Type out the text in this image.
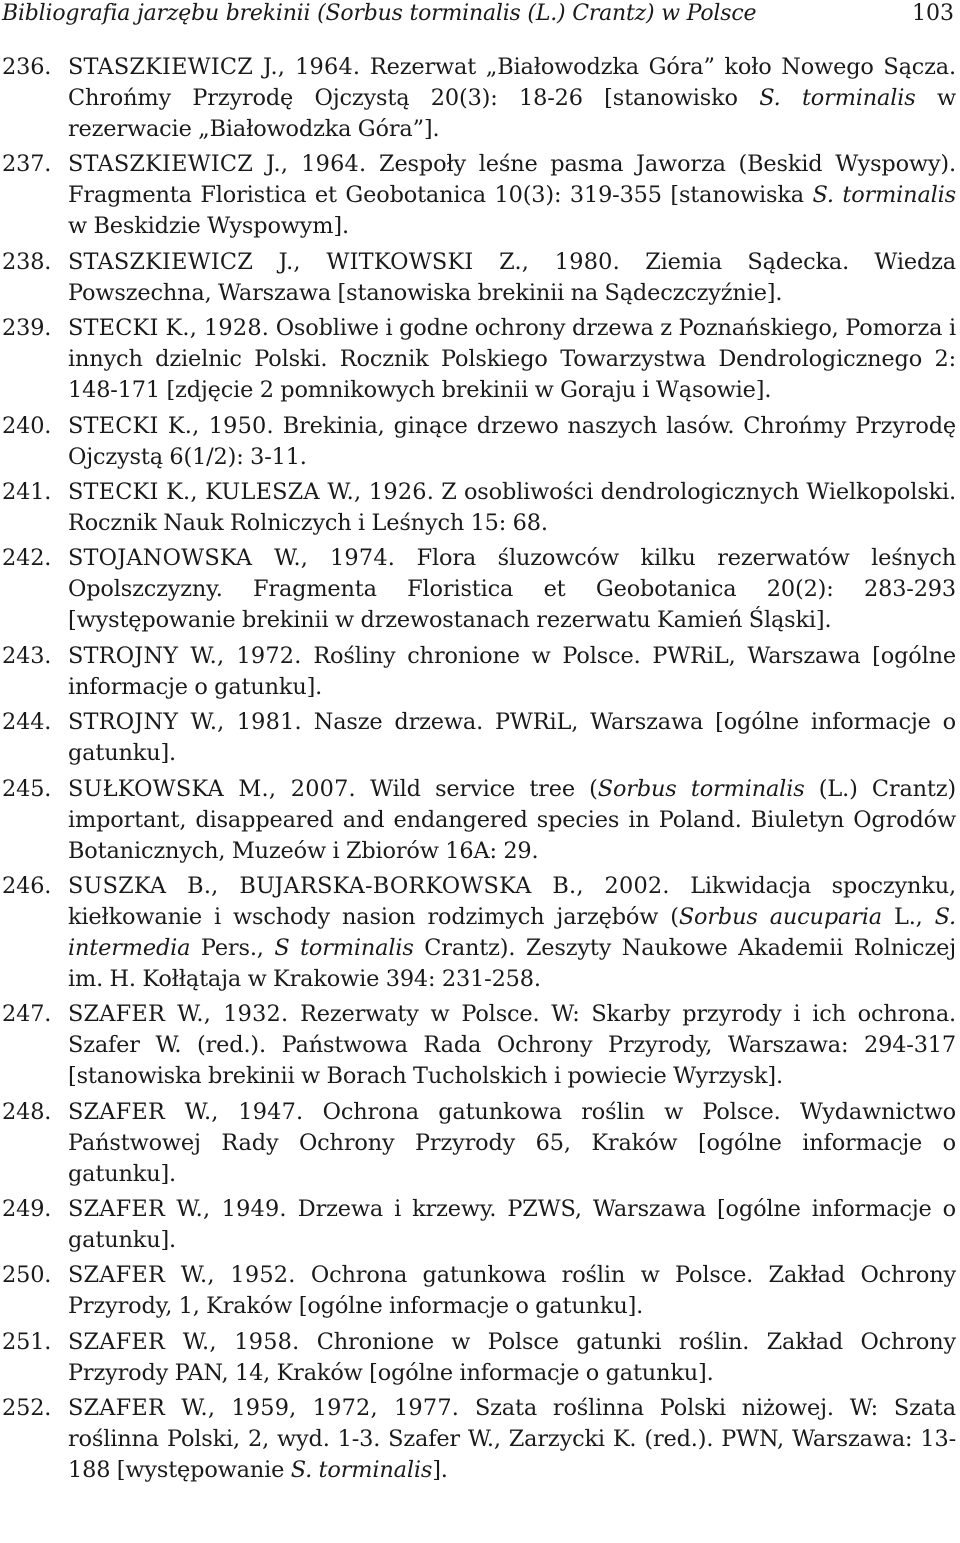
Bibliografia jarzębu brekinii (Sorbus torminalis (L.) Crantz) w Polsce	103
236. STASZKIEWICZ J., 1964. Rezerwat „Białowodzka Góra” koło Nowego Sącza. Chrońmy Przyrodę Ojczystą 20(3): 18-26 [stanowisko S. torminalis w rezerwacie „Białowodzka Góra”].
237. STASZKIEWICZ J., 1964. Zespoły leśne pasma Jaworza (Beskid Wyspowy). Fragmenta Floristica et Geobotanica 10(3): 319-355 [stanowiska S. torminalis w Beskidzie Wyspowym].
238. STASZKIEWICZ J., WITKOWSKI Z., 1980. Ziemia Sądecka. Wiedza Powszechna, Warszawa [stanowiska brekinii na Sądeczczyźnie].
239. STECKI K., 1928. Osobliwe i godne ochrony drzewa z Poznańskiego, Pomorza i innych dzielnic Polski. Rocznik Polskiego Towarzystwa Dendrologicznego 2: 148-171 [zdjęcie 2 pomnikowych brekinii w Goraju i Wąsowie].
240. STECKI K., 1950. Brekinia, ginące drzewo naszych lasów. Chrońmy Przyrodę Ojczystą 6(1/2): 3-11.
241. STECKI K., KULESZA W., 1926. Z osobliwości dendrologicznych Wielkopolski. Rocznik Nauk Rolniczych i Leśnych 15: 68.
242. STOJANOWSKA W., 1974. Flora śluzowców kilku rezerwatów leśnych Opolszczyzny. Fragmenta Floristica et Geobotanica 20(2): 283-293 [występowanie brekinii w drzewostanach rezerwatu Kamień Śląski].
243. STROJNY W., 1972. Rośliny chronione w Polsce. PWRiL, Warszawa [ogólne informacje o gatunku].
244. STROJNY W., 1981. Nasze drzewa. PWRiL, Warszawa [ogólne informacje o gatunku].
245. SUŁKOWSKA M., 2007. Wild service tree (Sorbus torminalis (L.) Crantz) important, disappeared and endangered species in Poland. Biuletyn Ogrodów Botanicznych, Muzeów i Zbiorów 16A: 29.
246. SUSZKA B., BUJARSKA-BORKOWSKA B., 2002. Likwidacja spoczynku, kiełkowanie i wschody nasion rodzimych jarzębów (Sorbus aucuparia L., S. intermedia Pers., S torminalis Crantz). Zeszyty Naukowe Akademii Rolniczej im. H. Kołłątaja w Krakowie 394: 231-258.
247. SZAFER W., 1932. Rezerwaty w Polsce. W: Skarby przyrody i ich ochrona. Szafer W. (red.). Państwowa Rada Ochrony Przyrody, Warszawa: 294-317 [stanowiska brekinii w Borach Tucholskich i powiecie Wyrzysk].
248. SZAFER W., 1947. Ochrona gatunkowa roślin w Polsce. Wydawnictwo Państwowej Rady Ochrony Przyrody 65, Kraków [ogólne informacje o gatunku].
249. SZAFER W., 1949. Drzewa i krzewy. PZWS, Warszawa [ogólne informacje o gatunku].
250. SZAFER W., 1952. Ochrona gatunkowa roślin w Polsce. Zakład Ochrony Przyrody, 1, Kraków [ogólne informacje o gatunku].
251. SZAFER W., 1958. Chronione w Polsce gatunki roślin. Zakład Ochrony Przyrody PAN, 14, Kraków [ogólne informacje o gatunku].
252. SZAFER W., 1959, 1972, 1977. Szata roślinna Polski niżowej. W: Szata roślinna Polski, 2, wyd. 1-3. Szafer W., Zarzycki K. (red.). PWN, Warszawa: 13-188 [występowanie S. torminalis].
